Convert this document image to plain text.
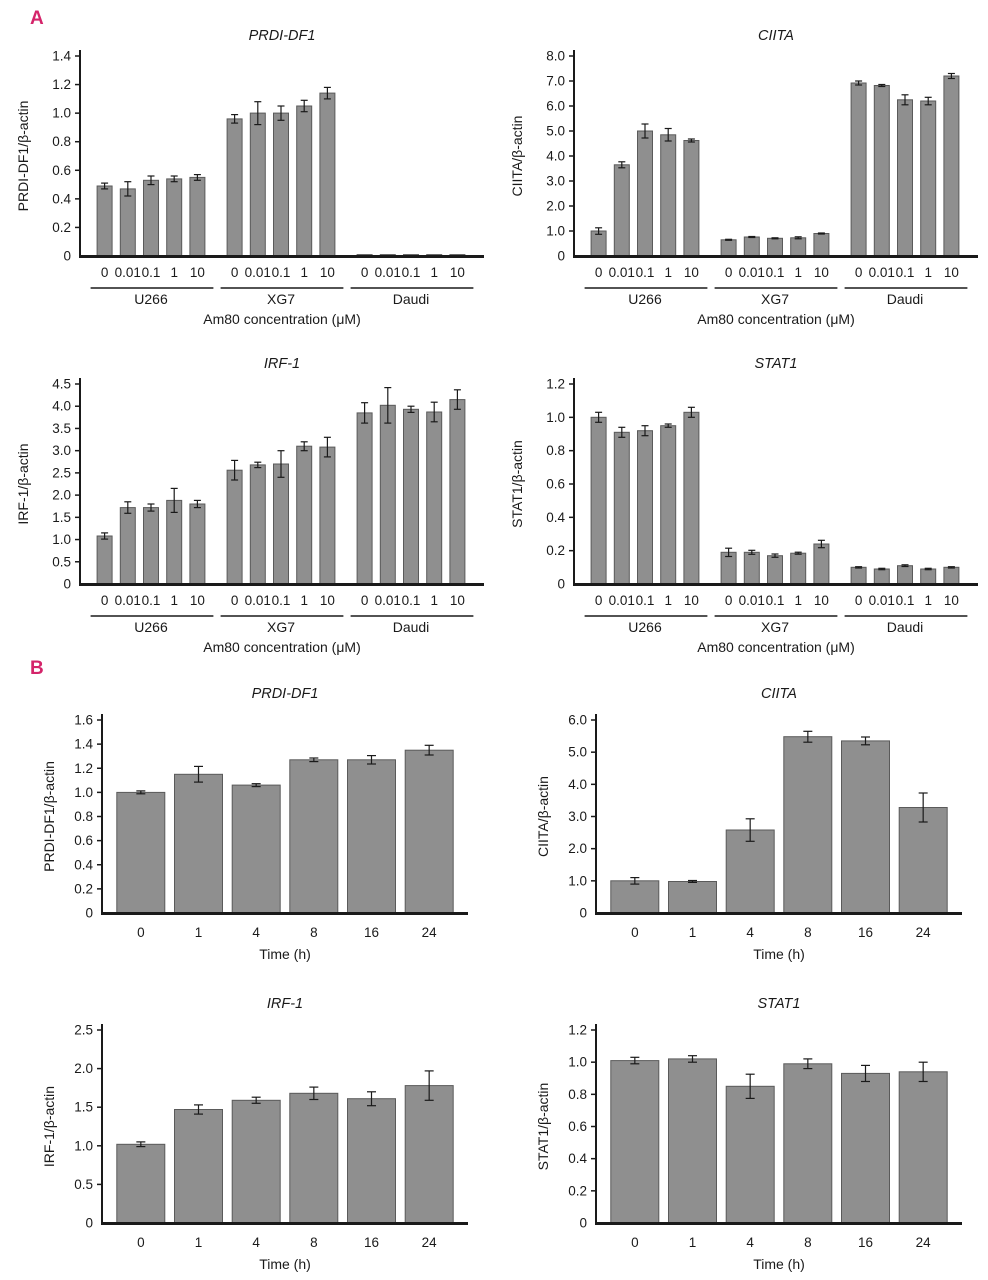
A
B
PRDI-DF1
PRDI-DF1/β-actin
0
0.2
0.4
0.6
0.8
1.0
1.2
1.4
0 0.01 0.1 1 10
U266
0 0.01 0.1 1 10
XG7
0 0.01 0.1 1 10
Daudi
Am80 concentration (μM)
CIITA
CIITA/β-actin
0
1.0
2.0
3.0
4.0
5.0
6.0
7.0
8.0
0 0.01 0.1 1 10
U266
0 0.01 0.1 1 10
XG7
0 0.01 0.1 1 10
Daudi
Am80 concentration (μM)
IRF-1
IRF-1/β-actin
0
0.5
1.0
1.5
2.0
2.5
3.0
3.5
4.0
4.5
0 0.01 0.1 1 10
U266
0 0.01 0.1 1 10
XG7
0 0.01 0.1 1 10
Daudi
Am80 concentration (μM)
STAT1
STAT1/β-actin
0
0.2
0.4
0.6
0.8
1.0
1.2
0 0.01 0.1 1 10
U266
0 0.01 0.1 1 10
XG7
0 0.01 0.1 1 10
Daudi
Am80 concentration (μM)
PRDI-DF1
PRDI-DF1/β-actin
0
0.2
0.4
0.6
0.8
1.0
1.2
1.4
1.6
0	1	4	8	16	24
Time (h)
CIITA
CIITA/β-actin
0
1.0
2.0
3.0
4.0
5.0
6.0
0	1	4	8	16	24
Time (h)
IRF-1
IRF-1/β-actin
0
0.5
1.0
1.5
2.0
2.5
0	1	4	8	16	24
Time (h)
STAT1
STAT1/β-actin
0
0.2
0.4
0.6
0.8
1.0
1.2
0	1	4	8	16	24
Time (h)
